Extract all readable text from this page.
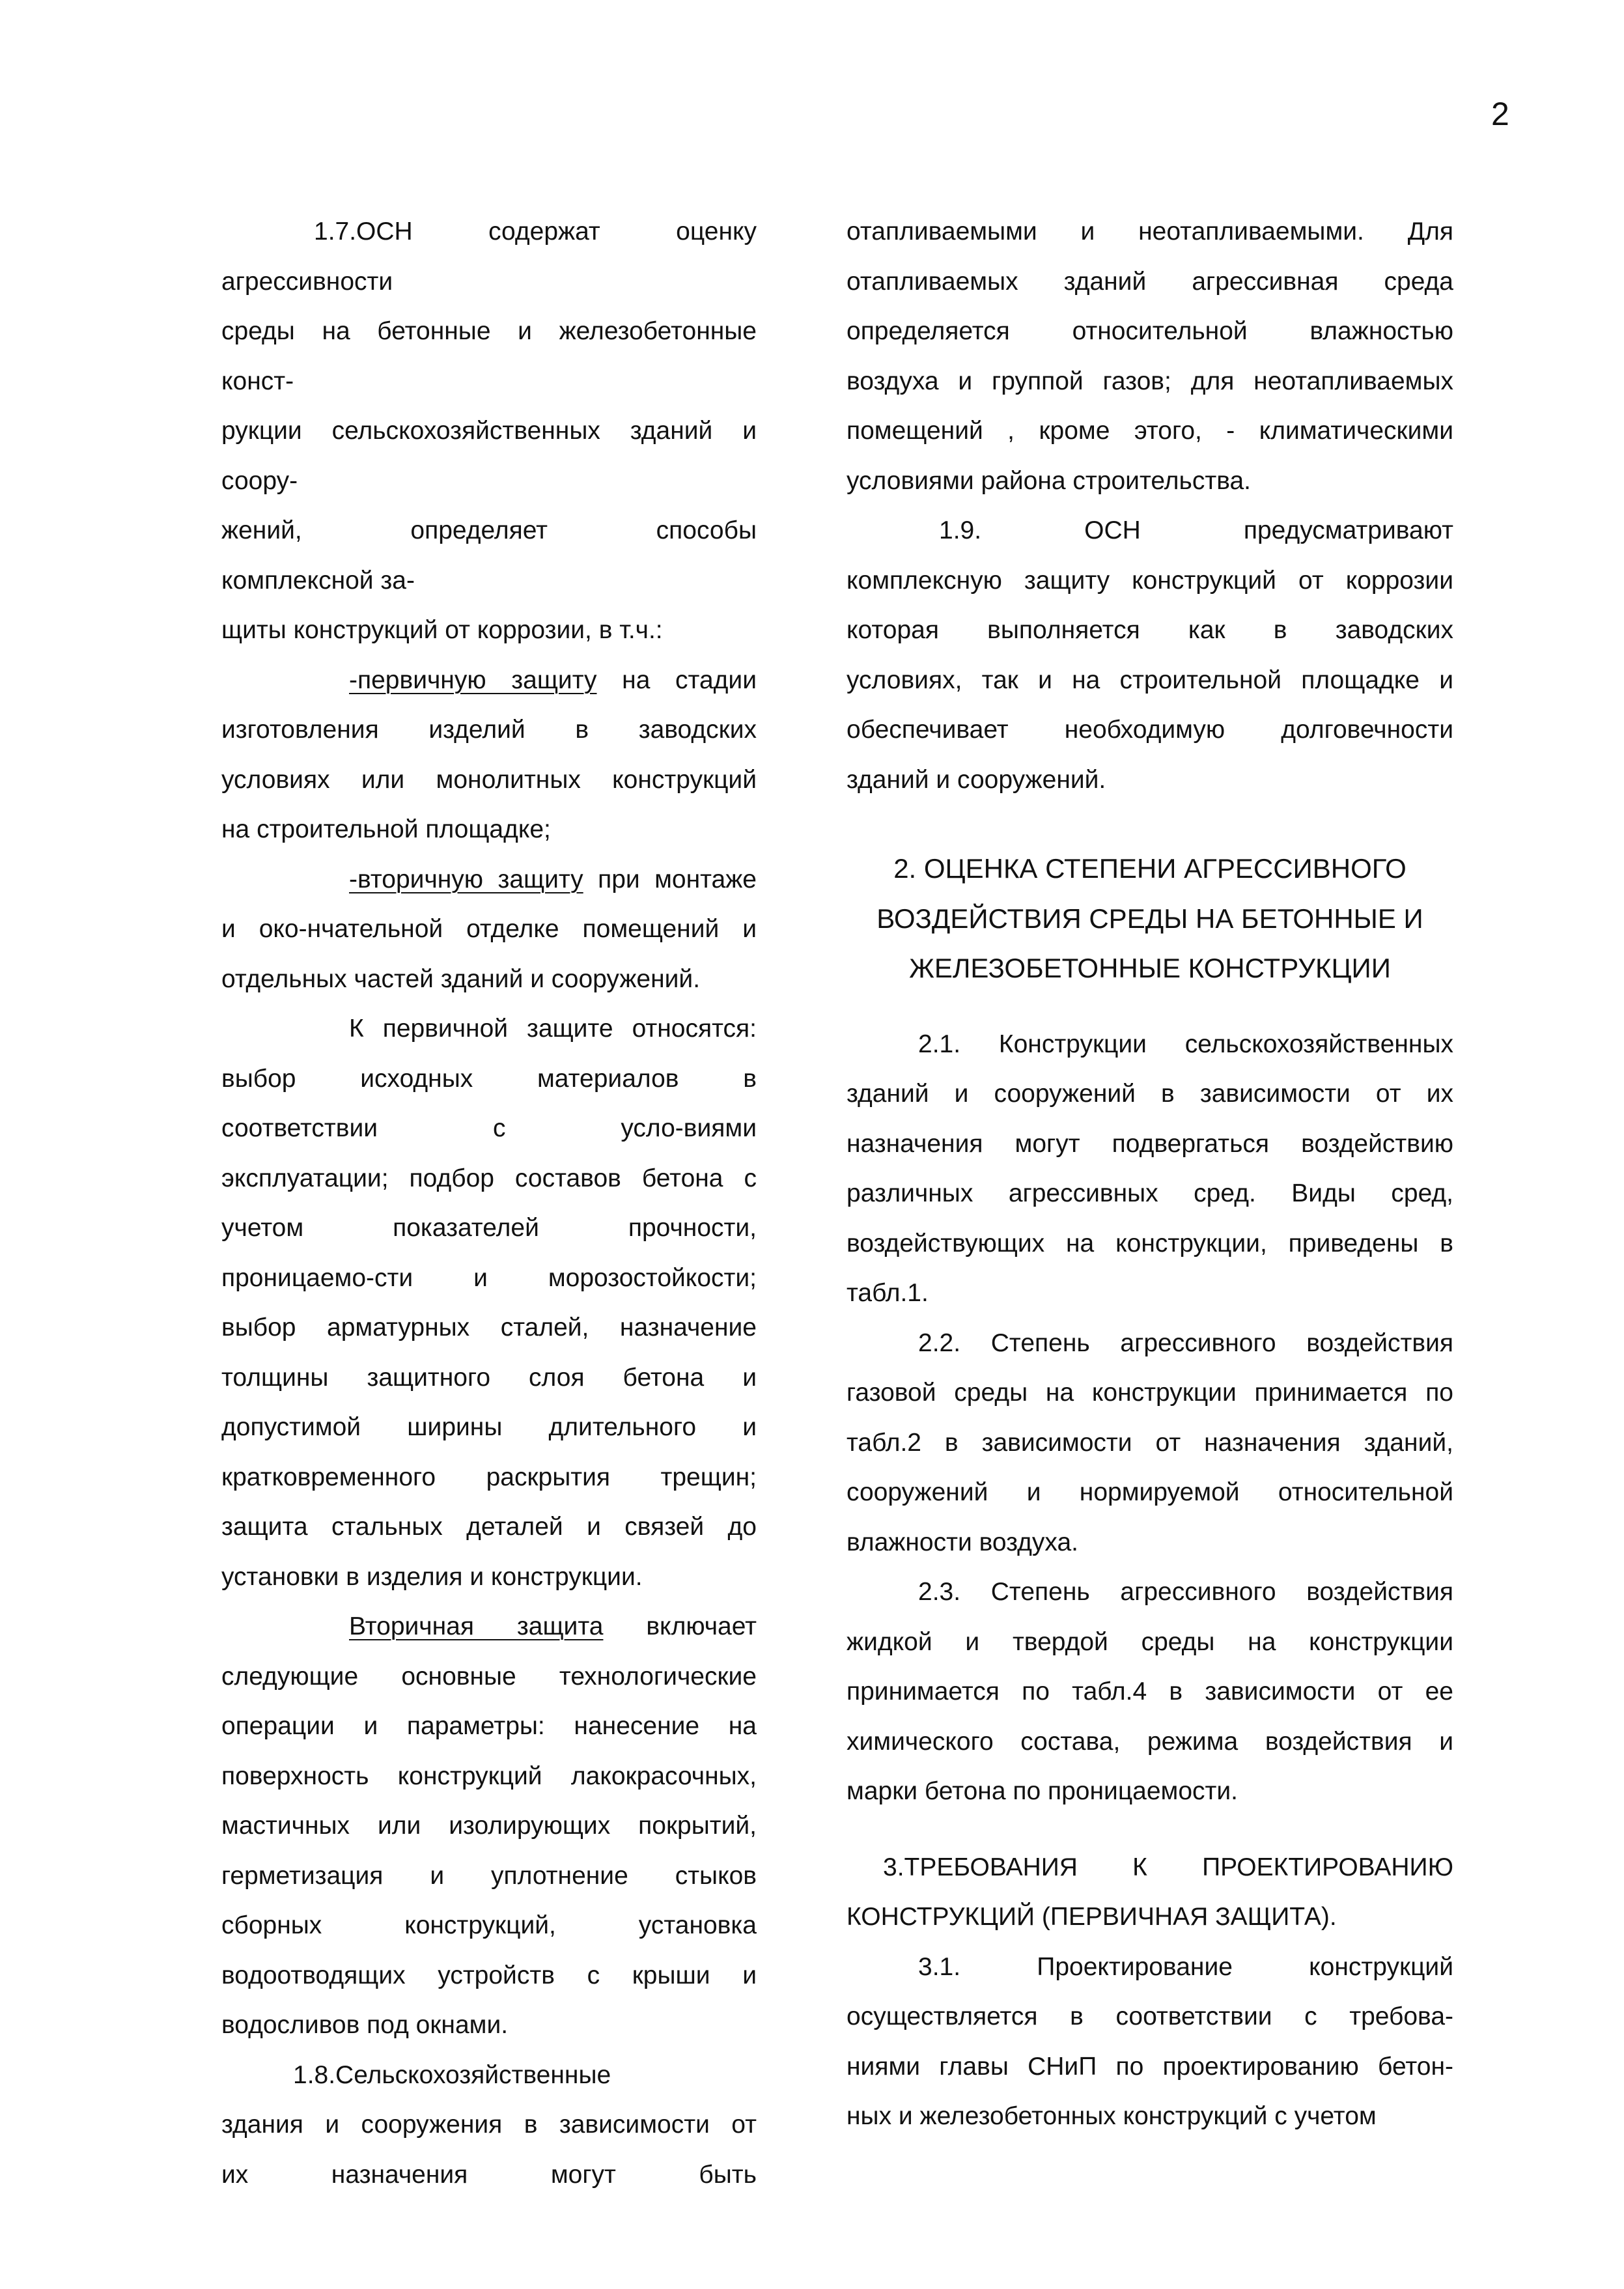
2
1.7.ОСН содержат оценку
агрессивности
среды на бетонные и железобетонные
конст-
рукции сельскохозяйственных зданий и
соору-
жений, определяет способы
комплексной за-
щиты конструкций от коррозии, в т.ч.:
-первичную защиту на стадии
изготовления изделий в заводских
условиях или монолитных конструкций
на строительной площадке;
-вторичную защиту при монтаже
и око-нчательной отделке помещений и
отдельных частей зданий и сооружений.
К первичной защите относятся:
выбор исходных материалов в
соответствии с усло-виями
эксплуатации; подбор составов бетона с
учетом показателей прочности,
проницаемо-сти и морозостойкости;
выбор арматурных сталей, назначение
толщины защитного слоя бетона и
допустимой ширины длительного и
кратковременного раскрытия трещин;
защита стальных деталей и связей до
установки в изделия и конструкции.
Вторичная защита включает
следующие основные технологические
операции и параметры: нанесение на
поверхность конструкций лакокрасочных,
мастичных или изолирующих покрытий,
герметизация и уплотнение стыков
сборных конструкций, установка
водоотводящих устройств с крыши и
водосливов под окнами.
1.8.Сельскохозяйственные
здания и сооружения в зависимости от
их назначения могут быть
отапливаемыми и неотапливаемыми. Для
отапливаемых зданий агрессивная среда
определяется относительной влажностью
воздуха и группой газов; для неотапливаемых
помещений , кроме этого, - климатическими
условиями района строительства.
1.9. ОСН предусматривают
комплексную защиту конструкций от коррозии
которая выполняется как в заводских
условиях, так и на строительной площадке и
обеспечивает необходимую долговечности
зданий и сооружений.
2. ОЦЕНКА СТЕПЕНИ АГРЕССИВНОГО
ВОЗДЕЙСТВИЯ СРЕДЫ НА БЕТОННЫЕ И
ЖЕЛЕЗОБЕТОННЫЕ КОНСТРУКЦИИ
2.1. Конструкции сельскохозяйственных
зданий и сооружений в зависимости от их
назначения могут подвергаться воздействию
различных агрессивных сред. Виды сред,
воздействующих на конструкции, приведены в
табл.1.
2.2. Степень агрессивного воздействия
газовой среды на конструкции принимается по
табл.2 в зависимости от назначения зданий,
сооружений и нормируемой относительной
влажности воздуха.
2.3. Степень агрессивного воздействия
жидкой и твердой среды на конструкции
принимается по табл.4 в зависимости от ее
химического состава, режима воздействия и
марки бетона по проницаемости.
3.ТРЕБОВАНИЯ К ПРОЕКТИРОВАНИЮ
КОНСТРУКЦИЙ (ПЕРВИЧНАЯ ЗАЩИТА).
3.1. Проектирование конструкций
осуществляется в соответствии с требова-
ниями главы СНиП по проектированию бетон-
ных и железобетонных конструкций с учетом
